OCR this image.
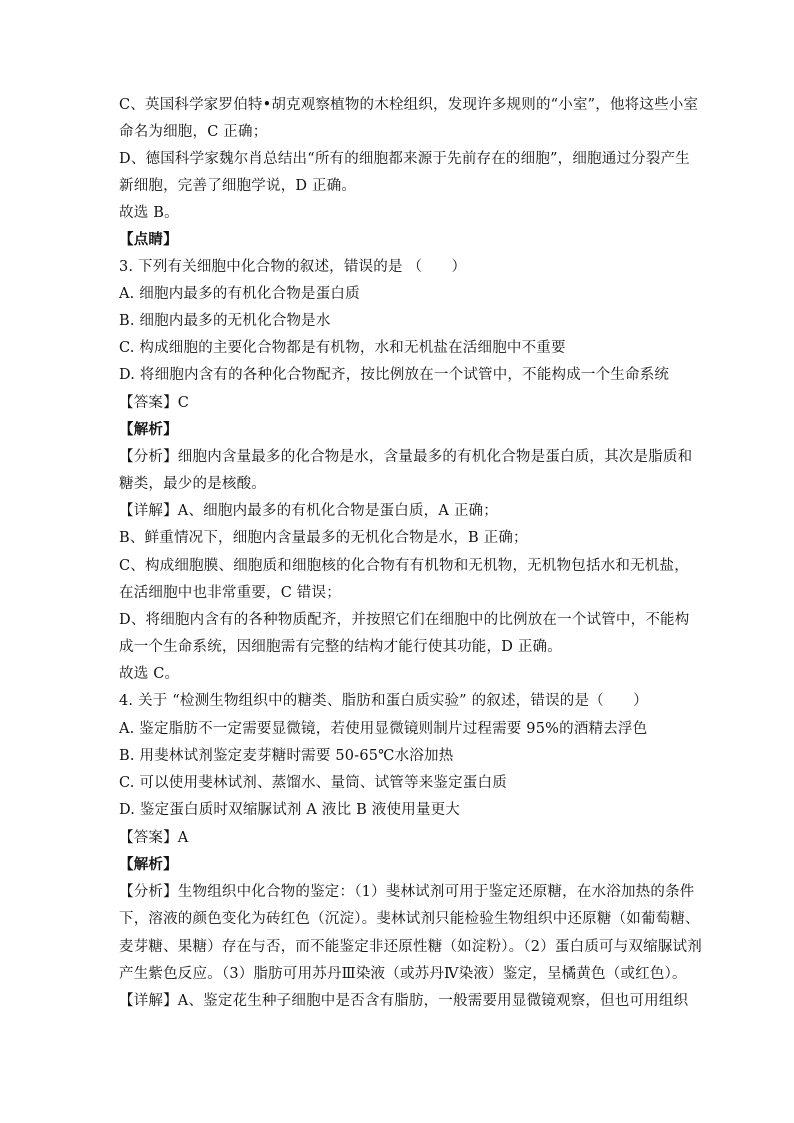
C、英国科学家罗伯特•胡克观察植物的木栓组织，发现许多规则的“小室”，他将这些小室
命名为细胞，C 正确；
D、德国科学家魏尔肖总结出“所有的细胞都来源于先前存在的细胞”，细胞通过分裂产生
新细胞，完善了细胞学说，D 正确。
故选 B。
【点睛】
3. 下列有关细胞中化合物的叙述，错误的是 （　　）
A. 细胞内最多的有机化合物是蛋白质
B. 细胞内最多的无机化合物是水
C. 构成细胞的主要化合物都是有机物，水和无机盐在活细胞中不重要
D. 将细胞内含有的各种化合物配齐，按比例放在一个试管中，不能构成一个生命系统
【答案】C
【解析】
【分析】细胞内含量最多的化合物是水，含量最多的有机化合物是蛋白质，其次是脂质和
糖类，最少的是核酸。
【详解】A、细胞内最多的有机化合物是蛋白质，A 正确；
B、鲜重情况下，细胞内含量最多的无机化合物是水，B 正确；
C、构成细胞膜、细胞质和细胞核的化合物有有机物和无机物，无机物包括水和无机盐，
在活细胞中也非常重要，C 错误；
D、将细胞内含有的各种物质配齐，并按照它们在细胞中的比例放在一个试管中，不能构
成一个生命系统，因细胞需有完整的结构才能行使其功能，D 正确。
故选 C。
4. 关于 “检测生物组织中的糖类、脂肪和蛋白质实验” 的叙述，错误的是（　　）
A. 鉴定脂肪不一定需要显微镜，若使用显微镜则制片过程需要 95%的酒精去浮色
B. 用斐林试剂鉴定麦芽糖时需要 50-65℃水浴加热
C. 可以使用斐林试剂、蒸馏水、量筒、试管等来鉴定蛋白质
D. 鉴定蛋白质时双缩脲试剂 A 液比 B 液使用量更大
【答案】A
【解析】
【分析】生物组织中化合物的鉴定：（1）斐林试剂可用于鉴定还原糖，在水浴加热的条件
下，溶液的颜色变化为砖红色（沉淀）。斐林试剂只能检验生物组织中还原糖（如葡萄糖、
麦芽糖、果糖）存在与否，而不能鉴定非还原性糖（如淀粉）。（2）蛋白质可与双缩脲试剂
产生紫色反应。（3）脂肪可用苏丹Ⅲ染液（或苏丹Ⅳ染液）鉴定，呈橘黄色（或红色）。
【详解】A、鉴定花生种子细胞中是否含有脂肪，一般需要用显微镜观察，但也可用组织
